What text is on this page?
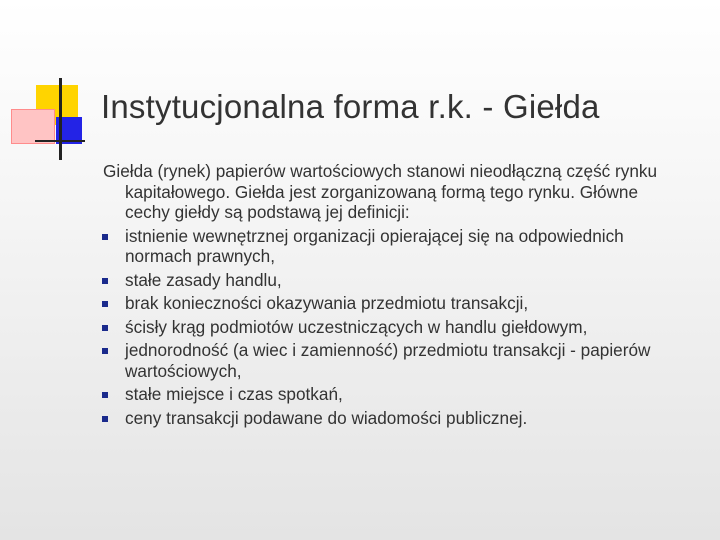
Instytucjonalna forma r.k. - Giełda

Giełda (rynek) papierów wartościowych stanowi nieodłączną część rynku kapitałowego. Giełda jest zorganizowaną formą tego rynku. Główne cechy giełdy są podstawą jej definicji:

istnienie wewnętrznej organizacji opierającej się na odpowiednich normach prawnych,
stałe zasady handlu,
brak konieczności okazywania przedmiotu transakcji,
ścisły krąg podmiotów uczestniczących w handlu giełdowym,
jednorodność (a wiec i zamienność) przedmiotu transakcji - papierów wartościowych,
stałe miejsce i czas spotkań,
ceny transakcji podawane do wiadomości publicznej.
